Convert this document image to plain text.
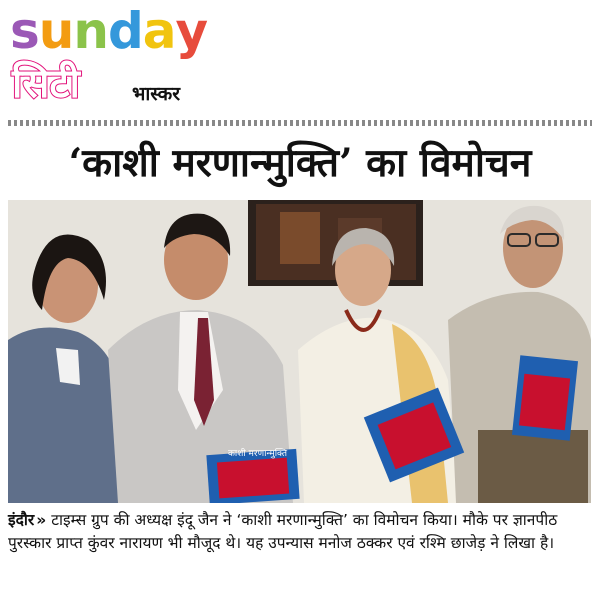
sunday
सिटी	भास्कर
‘काशी मरणान्मुक्ति’ का विमोचन
काशी मरणान्मुक्ति
इंदौर » टाइम्स ग्रुप की अध्यक्ष इंदू जैन ने ‘काशी मरणान्मुक्ति’ का विमोचन किया। मौके पर ज्ञानपीठ पुरस्कार प्राप्त कुंवर नारायण भी मौजूद थे। यह उपन्यास मनोज ठक्कर एवं रश्मि छाजेड़ ने लिखा है।
